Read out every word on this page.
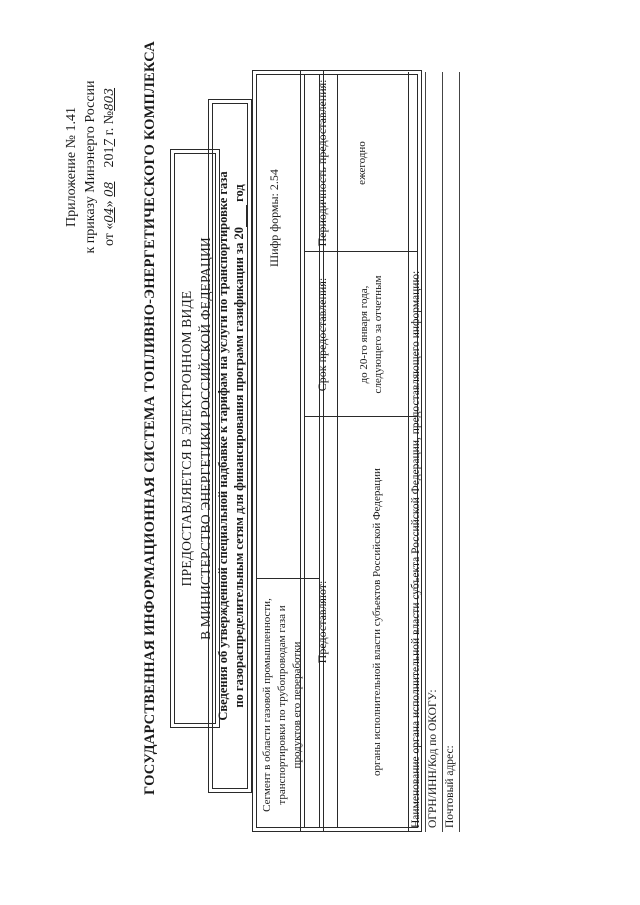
Приложение № 1.41 к приказу Минэнерго России от «04» 08    2017 г. №803 ГОСУДАРСТВЕННАЯ ИНФОРМАЦИОННАЯ СИСТЕМА ТОПЛИВНО-ЭНЕРГЕТИЧЕСКОГО КОМПЛЕКСА ПРЕДОСТАВЛЯЕТСЯ В ЭЛЕКТРОННОМ ВИДЕ В МИНИСТЕРСТВО ЭНЕРГЕТИКИ РОССИЙСКОЙ ФЕДЕРАЦИИ Сведения об утвержденной специальной надбавке к тарифам на услуги по транспортировке газа по газораспределительным сетям для финансирования программ газификации за 20 год
Сегмент в области газовой промышленности, транспортировки по трубопроводам газа и продуктов его переработки
Шифр формы: 2.54
Предоставляют:
Срок предоставления:
Периодичность предоставления:
органы исполнительной власти субъектов Российской Федерации
до 20-го января года, следующего за отчетным
ежегодно
Наименование органа исполнительной власти субъекта Российской Федерации, предоставляющего информацию: ОГРН/ИНН/Код по ОКОГУ: Почтовый адрес:
